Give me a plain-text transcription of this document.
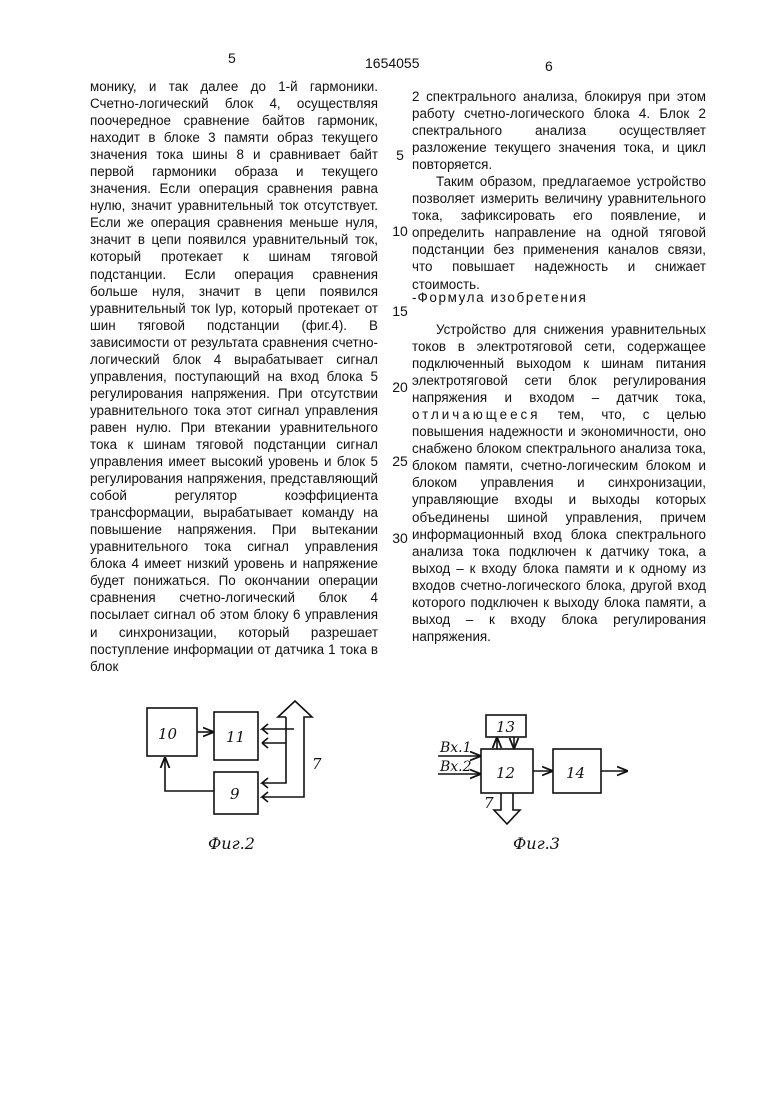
5	1654055	6

монику, и так далее до 1-й гармоники. Счетно-логический блок 4, осуществляя поочередное сравнение байтов гармоник, находит в блоке 3 памяти образ текущего значения тока шины 8 и сравнивает байт первой гармоники образа и текущего значения. Если операция сравнения равна нулю, значит уравнительный ток отсутствует. Если же операция сравнения меньше нуля, значит в цепи появился уравнительный ток, который протекает к шинам тяговой подстанции. Если операция сравнения больше нуля, значит в цепи появился уравнительный ток Iур, который протекает от шин тяговой подстанции (фиг.4). В зависимости от результата сравнения счетно-логический блок 4 вырабатывает сигнал управления, поступающий на вход блока 5 регулирования напряжения. При отсутствии уравнительного тока этот сигнал управления равен нулю. При втекании уравнительного тока к шинам тяговой подстанции сигнал управления имеет высокий уровень и блок 5 регулирования напряжения, представляющий собой регулятор коэффициента трансформации, вырабатывает команду на повышение напряжения. При вытекании уравнительного тока сигнал управления блока 4 имеет низкий уровень и напряжение будет понижаться. По окончании операции сравнения счетно-логический блок 4 посылает сигнал об этом блоку 6 управления и синхронизации, который разрешает поступление информации от датчика 1 тока в блок

5
10
15
20
25
30

2 спектрального анализа, блокируя при этом работу счетно-логического блока 4. Блок 2 спектрального анализа осуществляет разложение текущего значения тока, и цикл повторяется.

Таким образом, предлагаемое устройство позволяет измерить величину уравнительного тока, зафиксировать его появление, и определить направление на одной тяговой подстанции без применения каналов связи, что повышает надежность и снижает стоимость.

-Формула изобретения

Устройство для снижения уравнительных токов в электротяговой сети, содержащее подключенный выходом к шинам питания электротяговой сети блок регулирования напряжения и входом – датчик тока, отличающееся тем, что, с целью повышения надежности и экономичности, оно снабжено блоком спектрального анализа тока, блоком памяти, счетно-логическим блоком и блоком управления и синхронизации, управляющие входы и выходы которых объединены шиной управления, причем информационный вход блока спектрального анализа тока подключен к датчику тока, а выход – к входу блока памяти и к одному из входов счетно-логического блока, другой вход которого подключен к выходу блока памяти, а выход – к входу блока регулирования напряжения.

10	11
9
7
Фиг.2
Вх.1
Вх.2
13
12	14
7
Фиг.3
